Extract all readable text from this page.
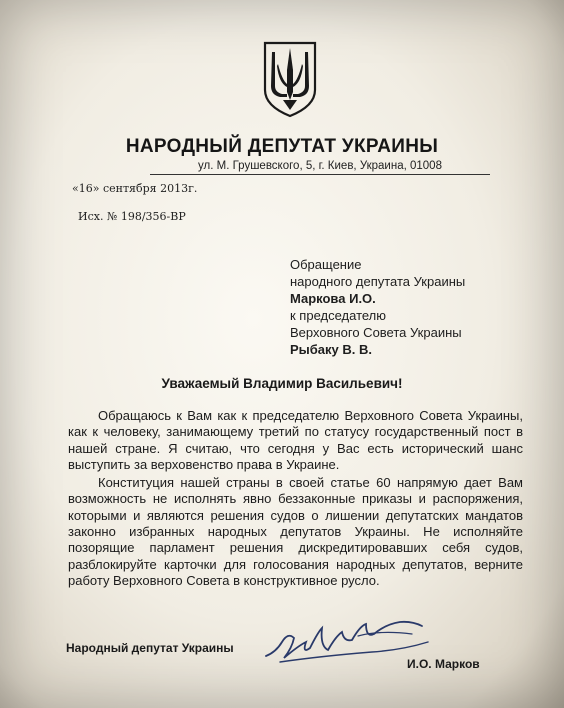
НАРОДНЫЙ ДЕПУТАТ УКРАИНЫ
ул. М. Грушевского, 5, г. Киев, Украина, 01008
«16» сентября 2013г.
Исх. № 198/356-ВР
Обращение
народного депутата Украины
Маркова И.О.
к председателю
Верховного Совета Украины
Рыбаку В. В.
Уважаемый Владимир Васильевич!

Обращаюсь к Вам как к председателю Верховного Совета Украины, как к человеку, занимающему третий по статусу государственный пост в нашей стране. Я считаю, что сегодня у Вас есть исторический шанс выступить за верховенство права в Украине.

Конституция нашей страны в своей статье 60 напрямую дает Вам возможность не исполнять явно беззаконные приказы и распоряжения, которыми и являются решения судов о лишении депутатских мандатов законно избранных народных депутатов Украины. Не исполняйте позорящие парламент решения дискредитировавших себя судов, разблокируйте карточки для голосования народных депутатов, верните работу Верховного Совета в конструктивное русло.

Народный депутат Украины
И.О. Марков
